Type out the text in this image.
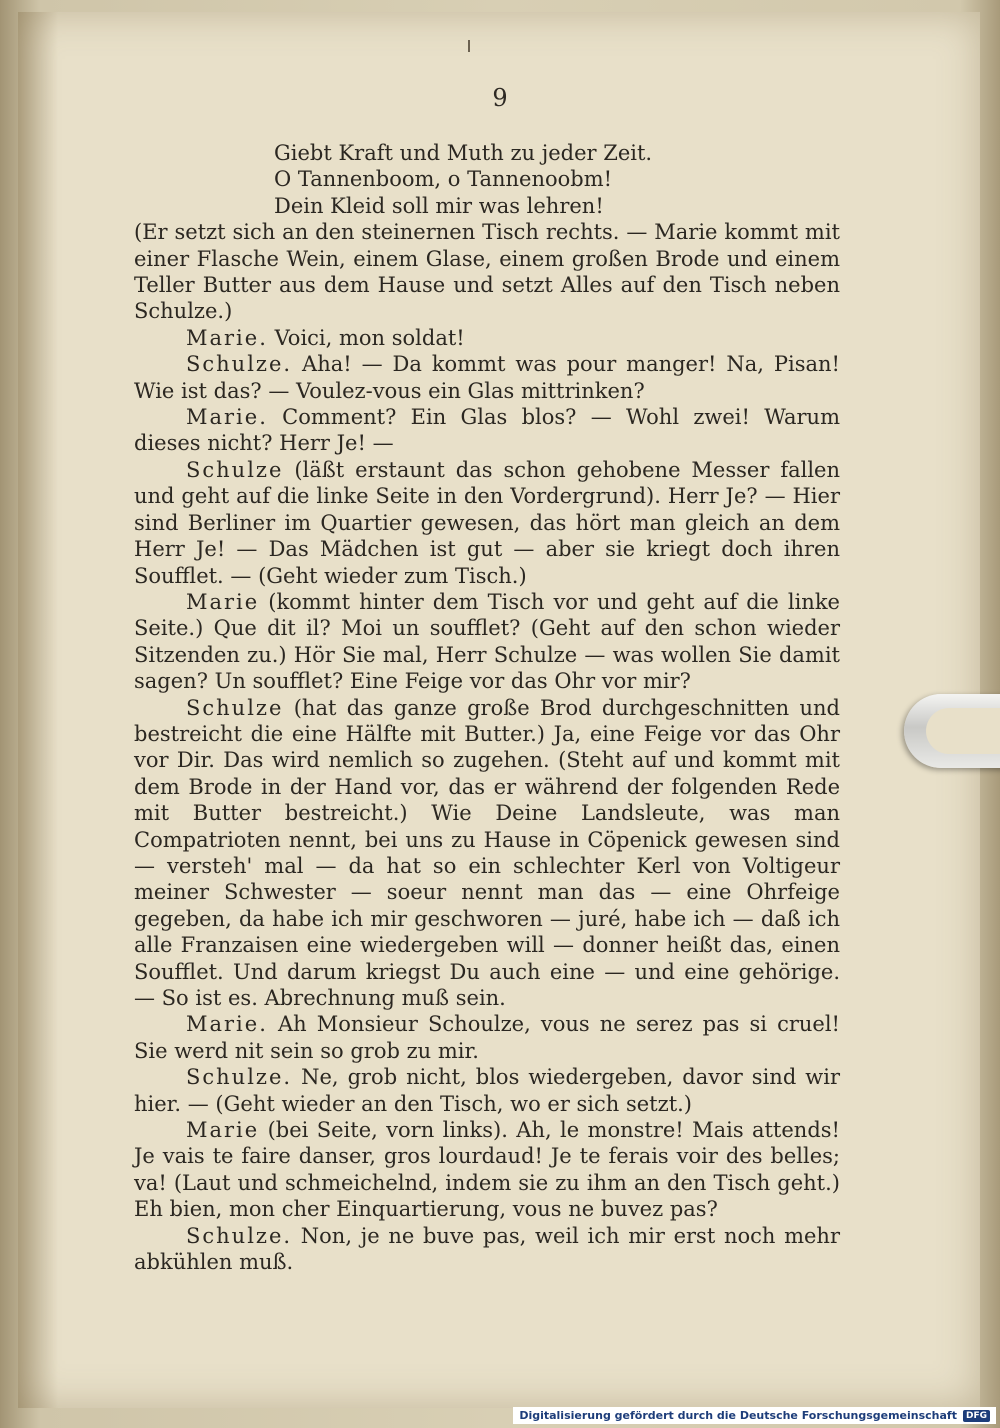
9

Giebt Kraft und Muth zu jeder Zeit.

O Tannenboom, o Tannenoobm!

Dein Kleid soll mir was lehren!

(Er setzt sich an den steinernen Tisch rechts. — Marie kommt mit einer Flasche Wein, einem Glase, einem großen Brode und einem Teller Butter aus dem Hause und setzt Alles auf den Tisch neben Schulze.)

Marie. Voici, mon soldat!

Schulze. Aha! — Da kommt was pour manger! Na, Pisan! Wie ist das? — Voulez-vous ein Glas mittrinken?

Marie. Comment? Ein Glas blos? — Wohl zwei! Warum dieses nicht? Herr Je! —

Schulze (läßt erstaunt das schon gehobene Messer fallen und geht auf die linke Seite in den Vordergrund). Herr Je? — Hier sind Berliner im Quartier gewesen, das hört man gleich an dem Herr Je! — Das Mädchen ist gut — aber sie kriegt doch ihren Soufflet. — (Geht wieder zum Tisch.)

Marie (kommt hinter dem Tisch vor und geht auf die linke Seite.) Que dit il? Moi un soufflet? (Geht auf den schon wieder Sitzenden zu.) Hör Sie mal, Herr Schulze — was wollen Sie damit sagen? Un soufflet? Eine Feige vor das Ohr vor mir?

Schulze (hat das ganze große Brod durchgeschnitten und bestreicht die eine Hälfte mit Butter.) Ja, eine Feige vor das Ohr vor Dir. Das wird nemlich so zugehen. (Steht auf und kommt mit dem Brode in der Hand vor, das er während der folgenden Rede mit Butter bestreicht.) Wie Deine Landsleute, was man Compatrioten nennt, bei uns zu Hause in Cöpenick gewesen sind — versteh' mal — da hat so ein schlechter Kerl von Voltigeur meiner Schwester — soeur nennt man das — eine Ohrfeige gegeben, da habe ich mir geschworen — juré, habe ich — daß ich alle Franzaisen eine wiedergeben will — donner heißt das, einen Soufflet. Und darum kriegst Du auch eine — und eine gehörige. — So ist es. Abrechnung muß sein.

Marie. Ah Monsieur Schoulze, vous ne serez pas si cruel! Sie werd nit sein so grob zu mir.

Schulze. Ne, grob nicht, blos wiedergeben, davor sind wir hier. — (Geht wieder an den Tisch, wo er sich setzt.)

Marie (bei Seite, vorn links). Ah, le monstre! Mais attends! Je vais te faire danser, gros lourdaud! Je te ferais voir des belles; va! (Laut und schmeichelnd, indem sie zu ihm an den Tisch geht.) Eh bien, mon cher Einquartierung, vous ne buvez pas?

Schulze. Non, je ne buve pas, weil ich mir erst noch mehr abkühlen muß.

Digitalisierung gefördert durch die Deutsche Forschungsgemeinschaft	DFG
